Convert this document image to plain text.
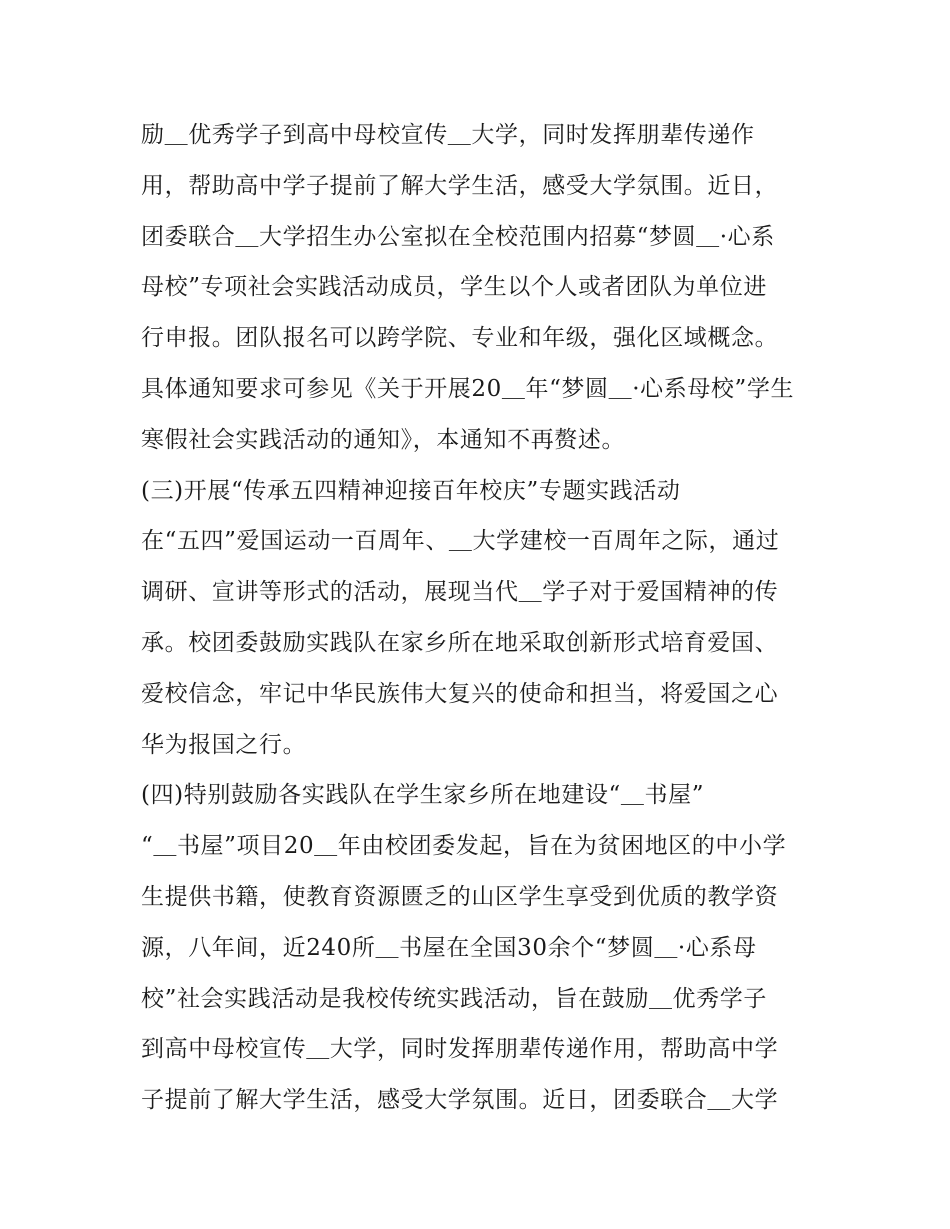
励＿优秀学子到高中母校宣传＿大学，同时发挥朋辈传递作
用，帮助高中学子提前了解大学生活，感受大学氛围。近日，
团委联合＿大学招生办公室拟在全校范围内招募“梦圆＿·心系
母校”专项社会实践活动成员，学生以个人或者团队为单位进
行申报。团队报名可以跨学院、专业和年级，强化区域概念。
具体通知要求可参见《关于开展20＿年“梦圆＿·心系母校”学生
寒假社会实践活动的通知》，本通知不再赘述。
(三)开展“传承五四精神迎接百年校庆”专题实践活动
在“五四”爱国运动一百周年、＿大学建校一百周年之际，通过
调研、宣讲等形式的活动，展现当代＿学子对于爱国精神的传
承。校团委鼓励实践队在家乡所在地采取创新形式培育爱国、
爱校信念，牢记中华民族伟大复兴的使命和担当，将爱国之心
华为报国之行。
(四)特别鼓励各实践队在学生家乡所在地建设“＿书屋”
“＿书屋”项目20＿年由校团委发起，旨在为贫困地区的中小学
生提供书籍，使教育资源匮乏的山区学生享受到优质的教学资
源，八年间，近240所＿书屋在全国30余个“梦圆＿·心系母
校”社会实践活动是我校传统实践活动，旨在鼓励＿优秀学子
到高中母校宣传＿大学，同时发挥朋辈传递作用，帮助高中学
子提前了解大学生活，感受大学氛围。近日，团委联合＿大学
